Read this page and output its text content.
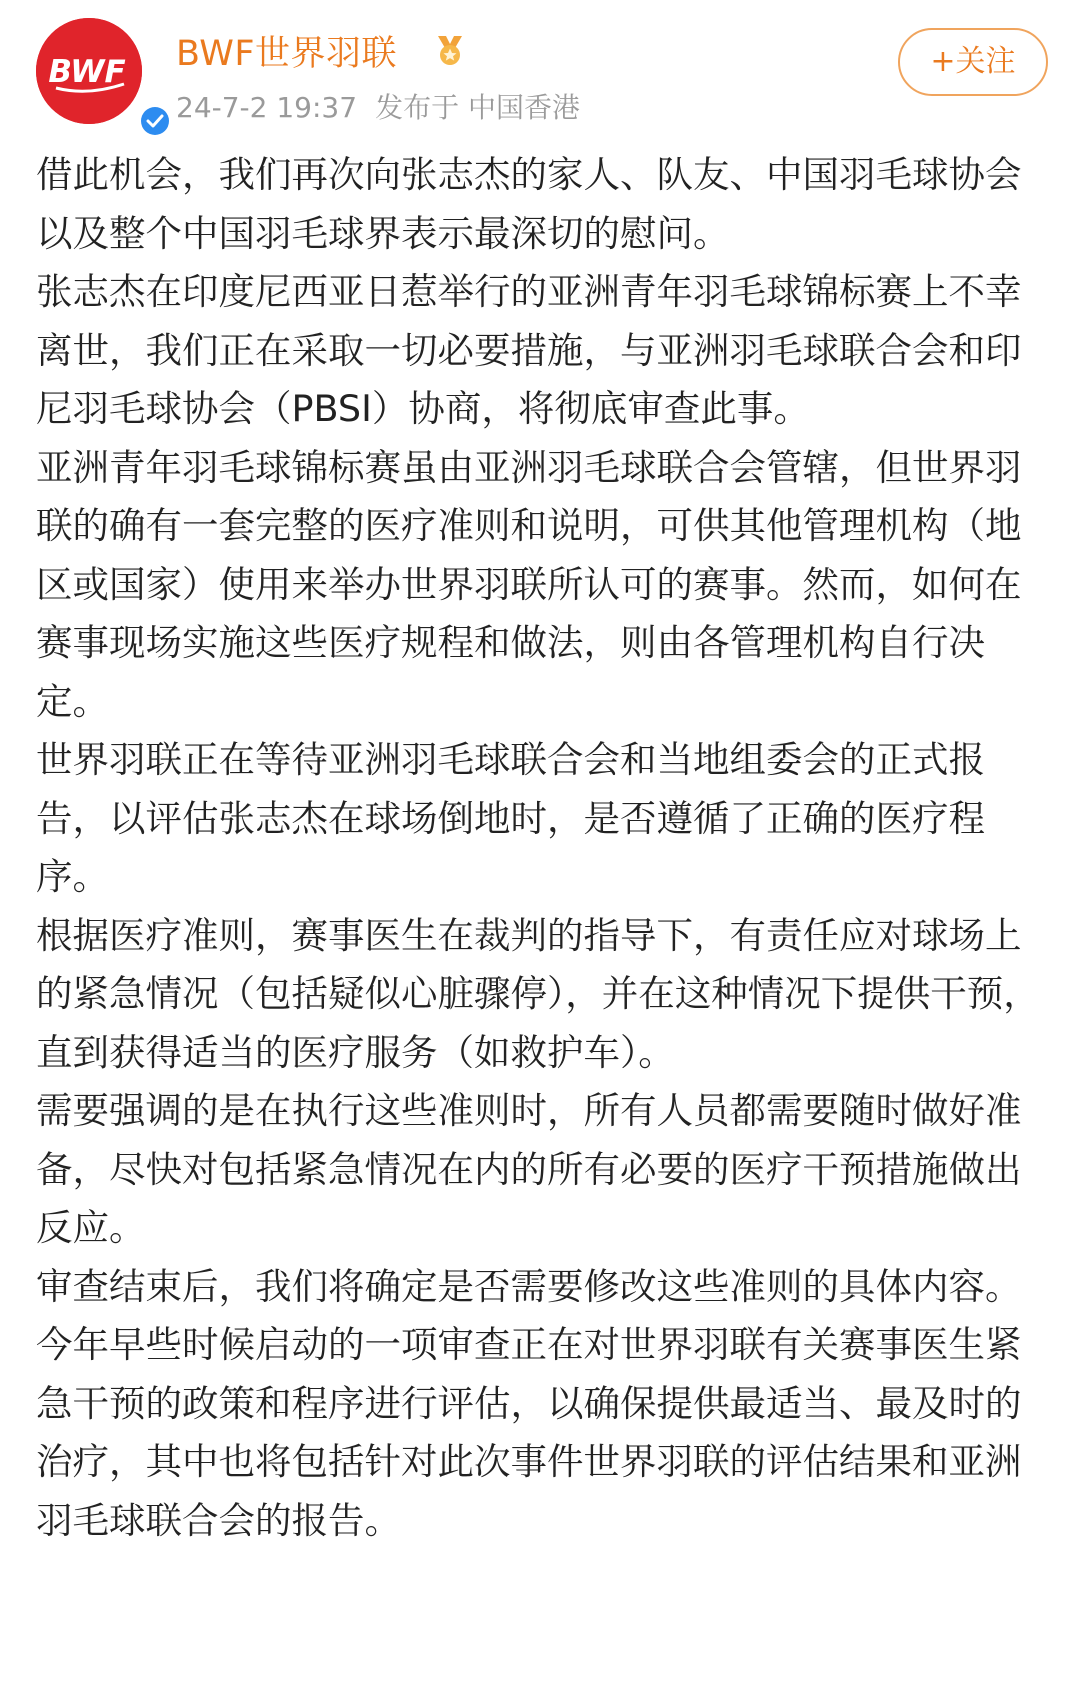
BWF BWF世界羽联
24-7-2 19:37 发布于 中国香港
+关注

借此机会，我们再次向张志杰的家人、队友、中国羽毛球协会以及整个中国羽毛球界表示最深切的慰问。

张志杰在印度尼西亚日惹举行的亚洲青年羽毛球锦标赛上不幸离世，我们正在采取一切必要措施，与亚洲羽毛球联合会和印尼羽毛球协会（PBSI）协商，将彻底审查此事。

亚洲青年羽毛球锦标赛虽由亚洲羽毛球联合会管辖，但世界羽联的确有一套完整的医疗准则和说明，可供其他管理机构（地区或国家）使用来举办世界羽联所认可的赛事。然而，如何在赛事现场实施这些医疗规程和做法，则由各管理机构自行决定。

世界羽联正在等待亚洲羽毛球联合会和当地组委会的正式报告，以评估张志杰在球场倒地时，是否遵循了正确的医疗程序。

根据医疗准则，赛事医生在裁判的指导下，有责任应对球场上的紧急情况（包括疑似心脏骤停），并在这种情况下提供干预，直到获得适当的医疗服务（如救护车）。

需要强调的是在执行这些准则时，所有人员都需要随时做好准备，尽快对包括紧急情况在内的所有必要的医疗干预措施做出反应。

审查结束后，我们将确定是否需要修改这些准则的具体内容。

今年早些时候启动的一项审查正在对世界羽联有关赛事医生紧急干预的政策和程序进行评估，以确保提供最适当、最及时的治疗，其中也将包括针对此次事件世界羽联的评估结果和亚洲羽毛球联合会的报告。
